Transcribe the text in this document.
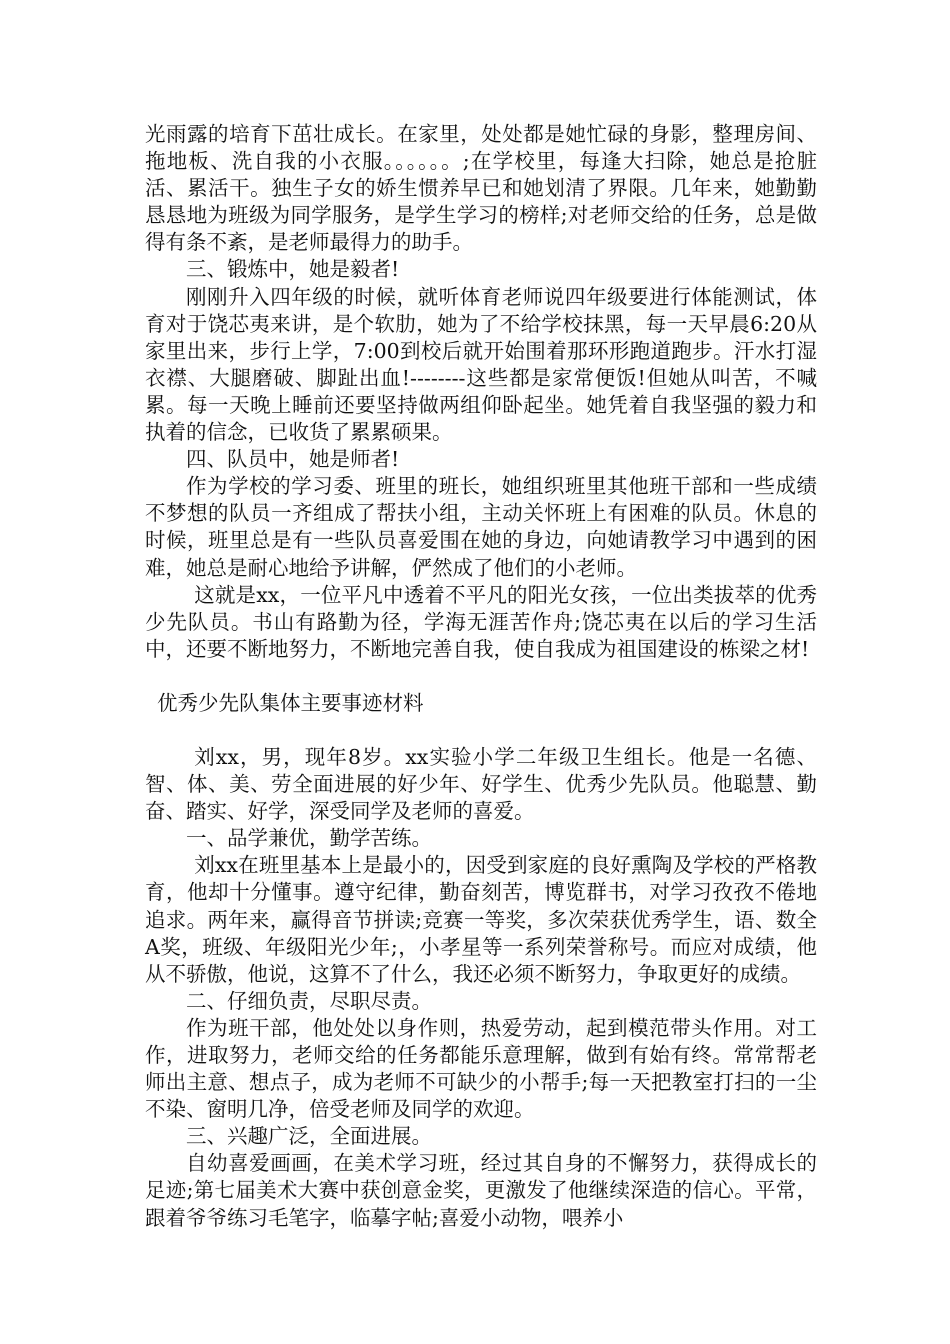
光雨露的培育下茁壮成长。在家里，处处都是她忙碌的身影，整理房间、拖地板、洗自我的小衣服。。。。。。;在学校里，每逢大扫除，她总是抢脏活、累活干。独生子女的娇生惯养早已和她划清了界限。几年来，她勤勤恳恳地为班级为同学服务，是学生学习的榜样;对老师交给的任务，总是做得有条不紊，是老师最得力的助手。

三、锻炼中，她是毅者!

刚刚升入四年级的时候，就听体育老师说四年级要进行体能测试，体育对于饶芯夷来讲，是个软肋，她为了不给学校抹黑，每一天早晨6:20从家里出来，步行上学，7:00到校后就开始围着那环形跑道跑步。汗水打湿衣襟、大腿磨破、脚趾出血!--------这些都是家常便饭!但她从叫苦，不喊累。每一天晚上睡前还要坚持做两组仰卧起坐。她凭着自我坚强的毅力和执着的信念，已收货了累累硕果。

四、队员中，她是师者!

作为学校的学习委、班里的班长，她组织班里其他班干部和一些成绩不梦想的队员一齐组成了帮扶小组，主动关怀班上有困难的队员。休息的时候，班里总是有一些队员喜爱围在她的身边，向她请教学习中遇到的困难，她总是耐心地给予讲解，俨然成了他们的小老师。

这就是xx，一位平凡中透着不平凡的阳光女孩，一位出类拔萃的优秀少先队员。书山有路勤为径，学海无涯苦作舟;饶芯夷在以后的学习生活中，还要不断地努力，不断地完善自我，使自我成为祖国建设的栋梁之材!

优秀少先队集体主要事迹材料

刘xx，男，现年8岁。xx实验小学二年级卫生组长。他是一名德、智、体、美、劳全面进展的好少年、好学生、优秀少先队员。他聪慧、勤奋、踏实、好学，深受同学及老师的喜爱。

一、品学兼优，勤学苦练。

刘xx在班里基本上是最小的，因受到家庭的良好熏陶及学校的严格教育，他却十分懂事。遵守纪律，勤奋刻苦，博览群书，对学习孜孜不倦地追求。两年来，赢得音节拼读;竞赛一等奖，多次荣获优秀学生，语、数全A奖，班级、年级阳光少年;，小孝星等一系列荣誉称号。而应对成绩，他从不骄傲，他说，这算不了什么，我还必须不断努力，争取更好的成绩。

二、仔细负责，尽职尽责。

作为班干部，他处处以身作则，热爱劳动，起到模范带头作用。对工作，进取努力，老师交给的任务都能乐意理解，做到有始有终。常常帮老师出主意、想点子，成为老师不可缺少的小帮手;每一天把教室打扫的一尘不染、窗明几净，倍受老师及同学的欢迎。

三、兴趣广泛，全面进展。

自幼喜爱画画，在美术学习班，经过其自身的不懈努力，获得成长的足迹;第七届美术大赛中获创意金奖，更激发了他继续深造的信心。平常，跟着爷爷练习毛笔字，临摹字帖;喜爱小动物，喂养小
